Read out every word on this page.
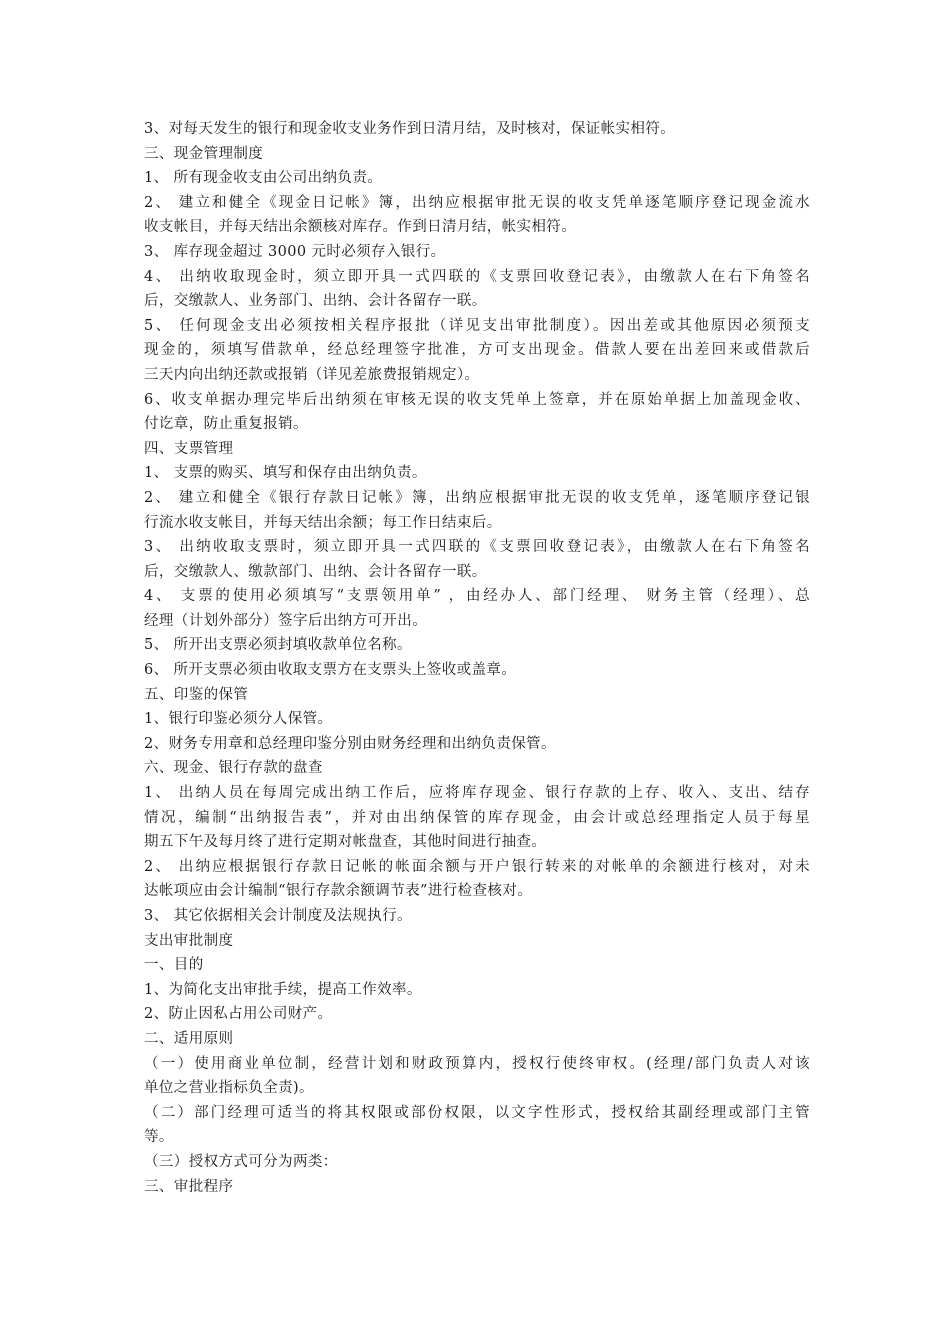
3、对每天发生的银行和现金收支业务作到日清月结，及时核对，保证帐实相符。
三、现金管理制度
1、 所有现金收支由公司出纳负责。
2、 建立和健全《现金日记帐》簿，出纳应根据审批无误的收支凭单逐笔顺序登记现金流水
收支帐目，并每天结出余额核对库存。作到日清月结，帐实相符。
3、 库存现金超过 3000 元时必须存入银行。
4、 出纳收取现金时，须立即开具一式四联的《支票回收登记表》，由缴款人在右下角签名
后，交缴款人、业务部门、出纳、会计各留存一联。
5、 任何现金支出必须按相关程序报批（详见支出审批制度）。因出差或其他原因必须预支
现金的，须填写借款单，经总经理签字批准，方可支出现金。借款人要在出差回来或借款后
三天内向出纳还款或报销（详见差旅费报销规定）。
6、收支单据办理完毕后出纳须在审核无误的收支凭单上签章，并在原始单据上加盖现金收、
付讫章，防止重复报销。
四、支票管理
1、 支票的购买、填写和保存由出纳负责。
2、 建立和健全《银行存款日记帐》簿，出纳应根据审批无误的收支凭单，逐笔顺序登记银
行流水收支帐目，并每天结出余额；每工作日结束后。
3、 出纳收取支票时，须立即开具一式四联的《支票回收登记表》，由缴款人在右下角签名
后，交缴款人、缴款部门、出纳、会计各留存一联。
4、 支票的使用必须填写“支票领用单” ，由经办人、部门经理、 财务主管（经理）、总
经理（计划外部分）签字后出纳方可开出。
5、 所开出支票必须封填收款单位名称。
6、 所开支票必须由收取支票方在支票头上签收或盖章。
五、印鉴的保管
1、银行印鉴必须分人保管。
2、财务专用章和总经理印鉴分别由财务经理和出纳负责保管。
六、现金、银行存款的盘查
1、 出纳人员在每周完成出纳工作后，应将库存现金、银行存款的上存、收入、支出、结存
情况，编制“出纳报告表”，并对由出纳保管的库存现金，由会计或总经理指定人员于每星
期五下午及每月终了进行定期对帐盘查，其他时间进行抽查。
2、 出纳应根据银行存款日记帐的帐面余额与开户银行转来的对帐单的余额进行核对，对未
达帐项应由会计编制“银行存款余额调节表”进行检查核对。
3、 其它依据相关会计制度及法规执行。
支出审批制度
一、目的
1、为简化支出审批手续，提高工作效率。
2、防止因私占用公司财产。
二、适用原则
（一）使用商业单位制，经营计划和财政预算内，授权行使终审权。(经理/部门负责人对该
单位之营业指标负全责)。
（二）部门经理可适当的将其权限或部份权限，以文字性形式，授权给其副经理或部门主管
等。
（三）授权方式可分为两类：
三、审批程序
